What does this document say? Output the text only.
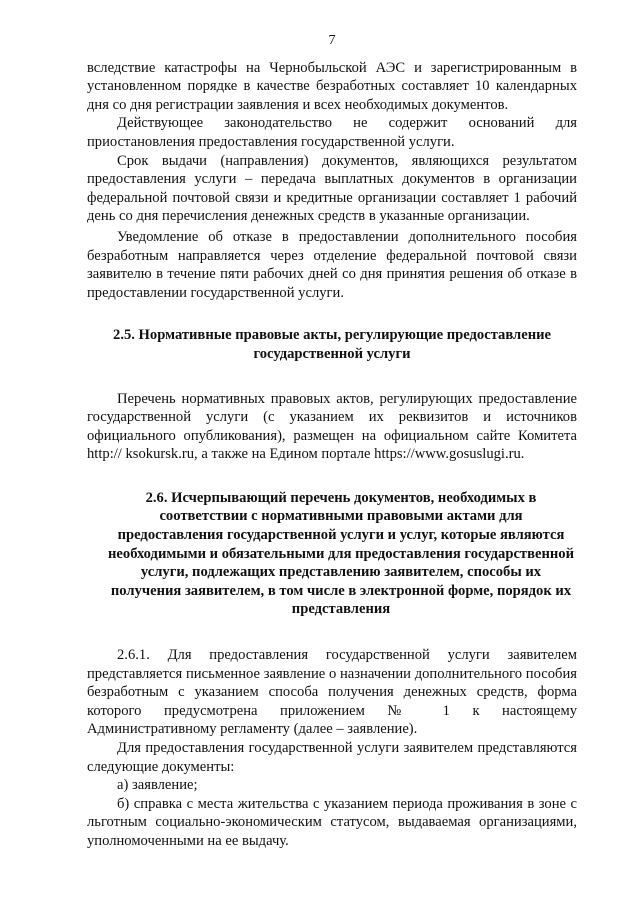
7

вследствие катастрофы на Чернобыльской АЭС и зарегистрированным в установленном порядке в качестве безработных составляет 10 календарных дня со дня регистрации заявления и всех необходимых документов.

Действующее законодательство не содержит оснований для приостановления предоставления государственной услуги.

Срок выдачи (направления) документов, являющихся результатом предоставления услуги – передача выплатных документов в организации федеральной почтовой связи и кредитные организации составляет 1 рабочий день со дня перечисления денежных средств в указанные организации.

Уведомление об отказе в предоставлении дополнительного пособия безработным направляется через отделение федеральной почтовой связи заявителю в течение пяти рабочих дней со дня принятия решения об отказе в предоставлении государственной услуги.

2.5. Нормативные правовые акты, регулирующие предоставление государственной услуги

Перечень нормативных правовых актов, регулирующих предоставление государственной услуги (с указанием их реквизитов и источников официального опубликования), размещен на официальном сайте Комитета http:// ksokursk.ru, а также на Едином портале https://www.gosuslugi.ru.

2.6. Исчерпывающий перечень документов, необходимых в соответствии с нормативными правовыми актами для предоставления государственной услуги и услуг, которые являются необходимыми и обязательными для предоставления государственной услуги, подлежащих представлению заявителем, способы их получения заявителем, в том числе в электронной форме, порядок их представления

2.6.1. Для предоставления государственной услуги заявителем представляется письменное заявление о назначении дополнительного пособия безработным с указанием способа получения денежных средств, форма которого предусмотрена приложением № 1 к настоящему Административному регламенту (далее – заявление).

Для предоставления государственной услуги заявителем представляются следующие документы:

а) заявление;

б) справка с места жительства с указанием периода проживания в зоне с льготным социально-экономическим статусом, выдаваемая организациями, уполномоченными на ее выдачу.
